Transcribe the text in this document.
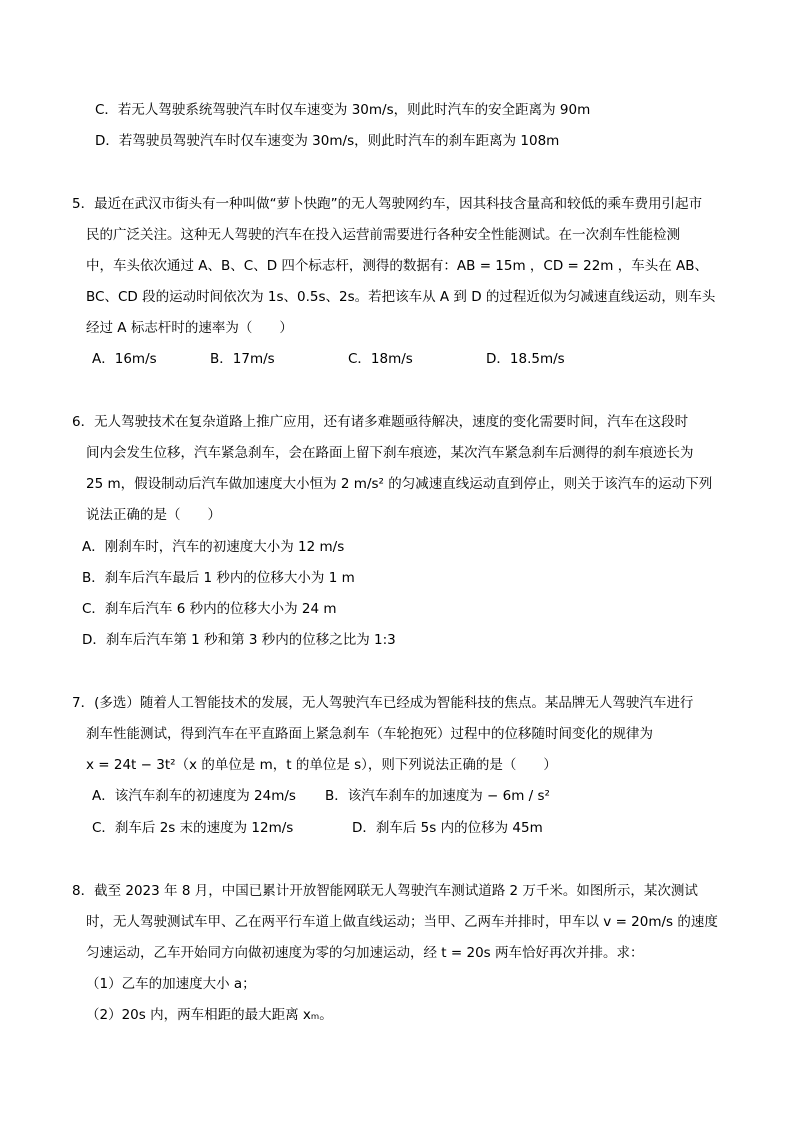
C．若无人驾驶系统驾驶汽车时仅车速变为 30m/s，则此时汽车的安全距离为 90m
D．若驾驶员驾驶汽车时仅车速变为 30m/s，则此时汽车的刹车距离为 108m
5．最近在武汉市街头有一种叫做“萝卜快跑”的无人驾驶网约车，因其科技含量高和较低的乘车费用引起市
民的广泛关注。这种无人驾驶的汽车在投入运营前需要进行各种安全性能测试。在一次刹车性能检测
中，车头依次通过 A、B、C、D 四个标志杆，测得的数据有：AB = 15m ，CD = 22m ，车头在 AB、
BC、CD 段的运动时间依次为 1s、0.5s、2s。若把该车从 A 到 D 的过程近似为匀减速直线运动，则车头
经过 A 标志杆时的速率为（　　）
A．16m/s	B．17m/s	C．18m/s	D．18.5m/s
6．无人驾驶技术在复杂道路上推广应用，还有诸多难题亟待解决，速度的变化需要时间，汽车在这段时
间内会发生位移，汽车紧急刹车，会在路面上留下刹车痕迹，某次汽车紧急刹车后测得的刹车痕迹长为
25 m，假设制动后汽车做加速度大小恒为 2 m/s² 的匀减速直线运动直到停止，则关于该汽车的运动下列
说法正确的是（　　）
A．刚刹车时，汽车的初速度大小为 12 m/s
B．刹车后汽车最后 1 秒内的位移大小为 1 m
C．刹车后汽车 6 秒内的位移大小为 24 m
D．刹车后汽车第 1 秒和第 3 秒内的位移之比为 1:3
7．(多选）随着人工智能技术的发展，无人驾驶汽车已经成为智能科技的焦点。某品牌无人驾驶汽车进行
刹车性能测试，得到汽车在平直路面上紧急刹车（车轮抱死）过程中的位移随时间变化的规律为
x = 24t − 3t²（x 的单位是 m，t 的单位是 s），则下列说法正确的是（　　）
A．该汽车刹车的初速度为 24m/s B．该汽车刹车的加速度为 − 6m / s²
C．刹车后 2s 末的速度为 12m/s	D．刹车后 5s 内的位移为 45m
8．截至 2023 年 8 月，中国已累计开放智能网联无人驾驶汽车测试道路 2 万千米。如图所示，某次测试
时，无人驾驶测试车甲、乙在两平行车道上做直线运动；当甲、乙两车并排时，甲车以 v = 20m/s 的速度
匀速运动，乙车开始同方向做初速度为零的匀加速运动，经 t = 20s 两车恰好再次并排。求：
（1）乙车的加速度大小 a；
（2）20s 内，两车相距的最大距离 xₘ。
